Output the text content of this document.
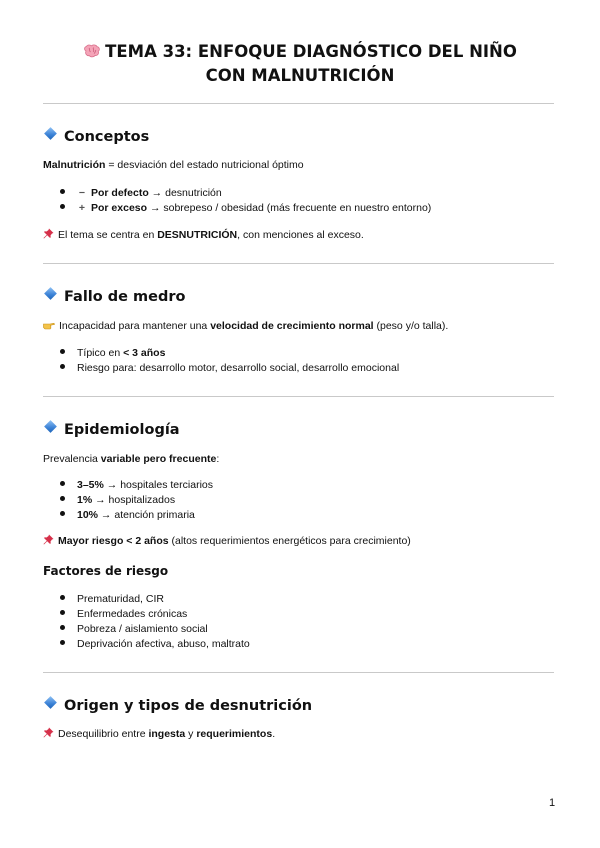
TEMA 33: ENFOQUE DIAGNÓSTICO DEL NIÑO
CON MALNUTRICIÓN
Conceptos
Malnutrición = desviación del estado nutricional óptimo
− Por defecto → desnutrición
+ Por exceso → sobrepeso / obesidad (más frecuente en nuestro entorno)
El tema se centra en DESNUTRICIÓN, con menciones al exceso.
Fallo de medro
Incapacidad para mantener una velocidad de crecimiento normal (peso y/o talla).
Típico en < 3 años
Riesgo para: desarrollo motor, desarrollo social, desarrollo emocional
Epidemiología
Prevalencia variable pero frecuente:
3–5% → hospitales terciarios
1% → hospitalizados
10% → atención primaria
Mayor riesgo < 2 años (altos requerimientos energéticos para crecimiento)
Factores de riesgo
Prematuridad, CIR
Enfermedades crónicas
Pobreza / aislamiento social
Deprivación afectiva, abuso, maltrato
Origen y tipos de desnutrición
Desequilibrio entre ingesta y requerimientos.
1
